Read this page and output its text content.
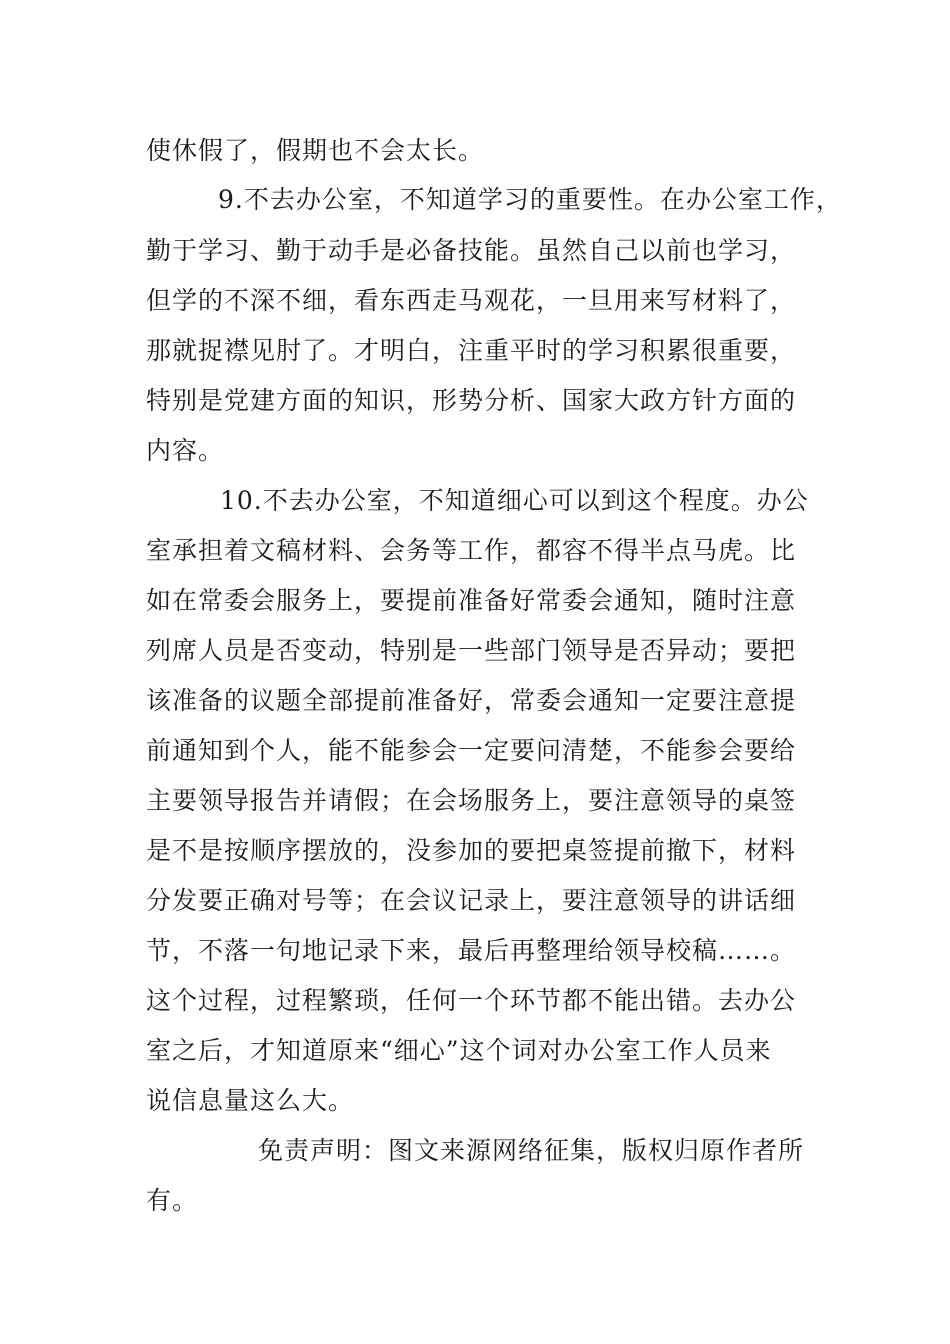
使休假了，假期也不会太长。
9.不去办公室，不知道学习的重要性。在办公室工作，
勤于学习、勤于动手是必备技能。虽然自己以前也学习，
但学的不深不细，看东西走马观花，一旦用来写材料了，
那就捉襟见肘了。才明白，注重平时的学习积累很重要，
特别是党建方面的知识，形势分析、国家大政方针方面的
内容。
10.不去办公室，不知道细心可以到这个程度。办公
室承担着文稿材料、会务等工作，都容不得半点马虎。比
如在常委会服务上，要提前准备好常委会通知，随时注意
列席人员是否变动，特别是一些部门领导是否异动；要把
该准备的议题全部提前准备好，常委会通知一定要注意提
前通知到个人，能不能参会一定要问清楚，不能参会要给
主要领导报告并请假；在会场服务上，要注意领导的桌签
是不是按顺序摆放的，没参加的要把桌签提前撤下，材料
分发要正确对号等；在会议记录上，要注意领导的讲话细
节，不落一句地记录下来，最后再整理给领导校稿……。
这个过程，过程繁琐，任何一个环节都不能出错。去办公
室之后，才知道原来“细心”这个词对办公室工作人员来
说信息量这么大。
免责声明：图文来源网络征集，版权归原作者所
有。
